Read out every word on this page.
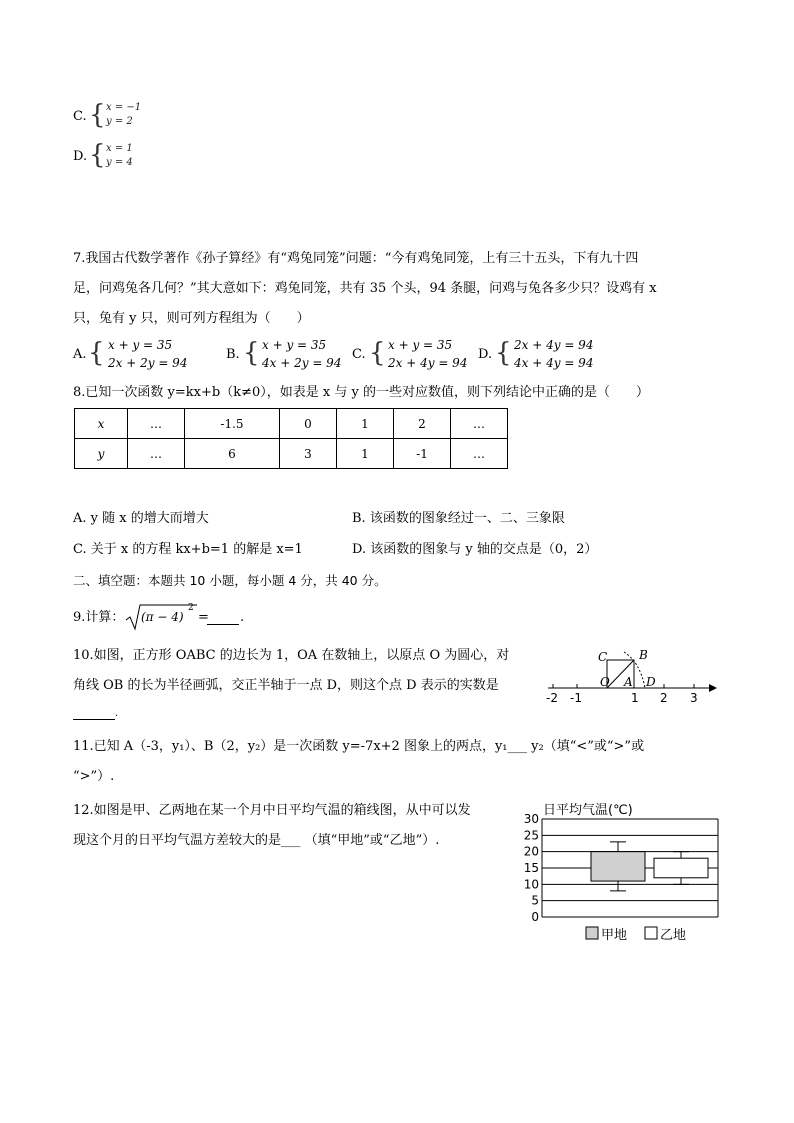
C. { x = −1
y = 2
D. { x = 1
y = 4
7.我国古代数学著作《孙子算经》有“鸡兔同笼”问题：“今有鸡兔同笼，上有三十五头，下有九十四
足，问鸡兔各几何？”其大意如下：鸡兔同笼，共有 35 个头，94 条腿，问鸡与兔各多少只？设鸡有 x
只，兔有 y 只，则可列方程组为（　　）
A. { x + y = 35
2x + 2y = 94
B. { x + y = 35
4x + 2y = 94
C. { x + y = 35
2x + 4y = 94
D. { 2x + 4y = 94
4x + 4y = 94
8.已知一次函数 y=kx+b（k≠0），如表是 x 与 y 的一些对应数值，则下列结论中正确的是（　　）
x	…	-1.5	0	1	2	…
y	…	6	3	1	-1	…
A. y 随 x 的增大而增大	B. 该函数的图象经过一、二、三象限
C. 关于 x 的方程 kx+b=1 的解是 x=1	D. 该函数的图象与 y 轴的交点是（0，2）
二、填空题：本题共 10 小题，每小题 4 分，共 40 分。
9.计算： (π − 4)
2
= .
10.如图，正方形 OABC 的边长为 1，OA 在数轴上，以原点 O 为圆心，对
角线 OB 的长为半径画弧，交正半轴于一点 D，则这个点 D 表示的实数是
.
-2 -1	1 2 3
C	B
O A D
11.已知 A（-3，y₁）、B（2，y₂）是一次函数 y=-7x+2 图象上的两点，y₁___ y₂（填“<”或“>”或
“>”）.
12.如图是甲、乙两地在某一个月中日平均气温的箱线图，从中可以发
现这个月的日平均气温方差较大的是___ （填“甲地”或“乙地”）.
日平均气温(℃)
0
5
10
15
20
25
30
甲地	乙地
